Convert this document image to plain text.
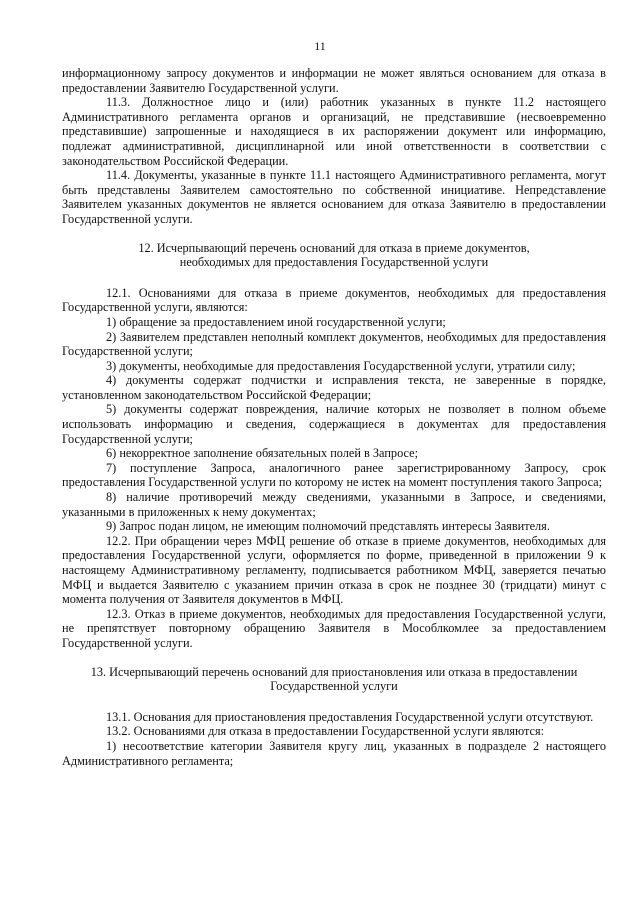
11

информационному запросу документов и информации не может являться основанием для отказа в предоставлении Заявителю Государственной услуги.

11.3. Должностное лицо и (или) работник указанных в пункте 11.2 настоящего Административного регламента органов и организаций, не представившие (несвоевременно представившие) запрошенные и находящиеся в их распоряжении документ или информацию, подлежат административной, дисциплинарной или иной ответственности в соответствии с законодательством Российской Федерации.

11.4. Документы, указанные в пункте 11.1 настоящего Административного регламента, могут быть представлены Заявителем самостоятельно по собственной инициативе. Непредставление Заявителем указанных документов не является основанием для отказа Заявителю в предоставлении Государственной услуги.

12. Исчерпывающий перечень оснований для отказа в приеме документов,

необходимых для предоставления Государственной услуги

12.1. Основаниями для отказа в приеме документов, необходимых для предоставления Государственной услуги, являются:

1) обращение за предоставлением иной государственной услуги;

2) Заявителем представлен неполный комплект документов, необходимых для предоставления Государственной услуги;

3) документы, необходимые для предоставления Государственной услуги, утратили силу;

4) документы содержат подчистки и исправления текста, не заверенные в порядке, установленном законодательством Российской Федерации;

5) документы содержат повреждения, наличие которых не позволяет в полном объеме использовать информацию и сведения, содержащиеся в документах для предоставления Государственной услуги;

6) некорректное заполнение обязательных полей в Запросе;

7) поступление Запроса, аналогичного ранее зарегистрированному Запросу, срок предоставления Государственной услуги по которому не истек на момент поступления такого Запроса;

8) наличие противоречий между сведениями, указанными в Запросе, и сведениями, указанными в приложенных к нему документах;

9) Запрос подан лицом, не имеющим полномочий представлять интересы Заявителя.

12.2. При обращении через МФЦ решение об отказе в приеме документов, необходимых для предоставления Государственной услуги, оформляется по форме, приведенной в приложении 9 к настоящему Административному регламенту, подписывается работником МФЦ, заверяется печатью МФЦ и выдается Заявителю с указанием причин отказа в срок не позднее 30 (тридцати) минут с момента получения от Заявителя документов в МФЦ.

12.3. Отказ в приеме документов, необходимых для предоставления Государственной услуги, не препятствует повторному обращению Заявителя в Мособлкомлее за предоставлением Государственной услуги.

13. Исчерпывающий перечень оснований для приостановления или отказа в предоставлении

Государственной услуги

13.1. Основания для приостановления предоставления Государственной услуги отсутствуют.

13.2. Основаниями для отказа в предоставлении Государственной услуги являются:

1) несоответствие категории Заявителя кругу лиц, указанных в подразделе 2 настоящего Административного регламента;
